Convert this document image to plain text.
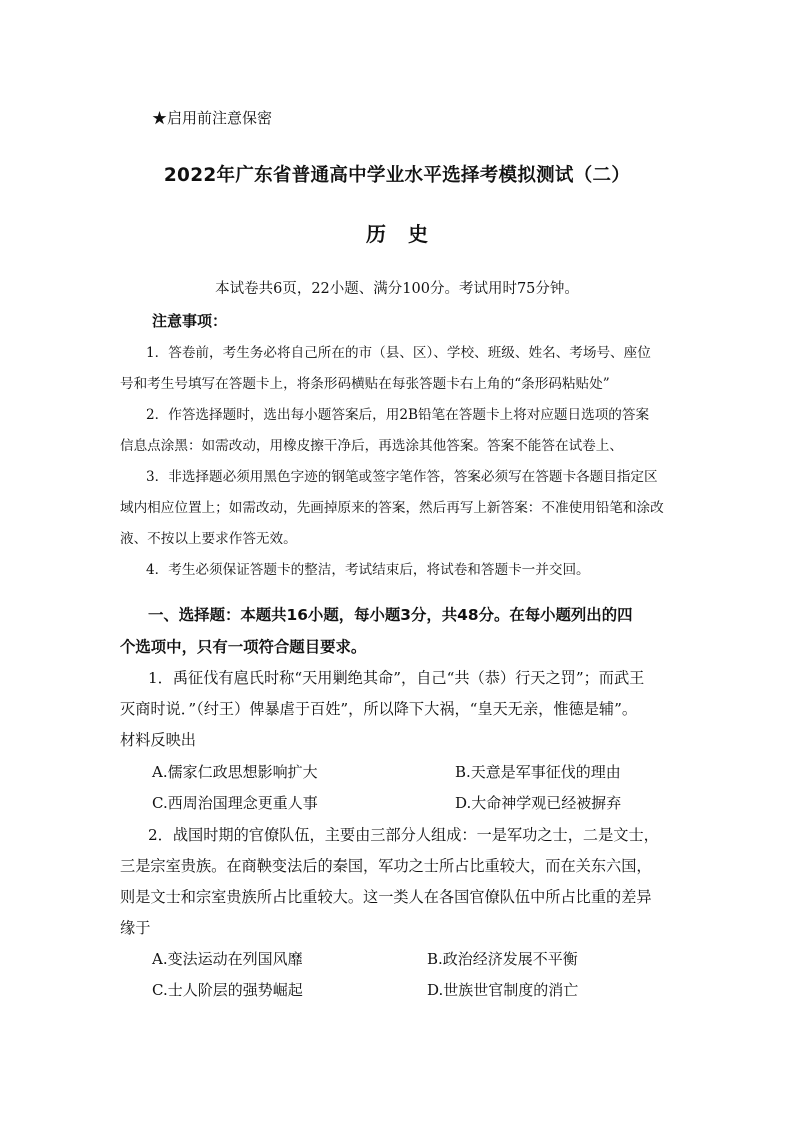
★启用前注意保密
2022年广东省普通高中学业水平选择考模拟测试（二）
历史
本试卷共6页，22小题、满分100分。考试用时75分钟。
注意事项：
1．答卷前，考生务必将自己所在的市（县、区）、学校、班级、姓名、考场号、座位
号和考生号填写在答题卡上，将条形码横贴在每张答题卡右上角的“条形码粘贴处”
2．作答选择题时，选出每小题答案后，用2B铅笔在答题卡上将对应题日选项的答案
信息点涂黑：如需改动，用橡皮擦干净后，再选涂其他答案。答案不能答在试卷上、
3．非选择题必须用黑色字迹的钢笔或签字笔作答，答案必须写在答题卡各题目指定区
域内相应位置上；如需改动，先画掉原来的答案，然后再写上新答案：不准使用铅笔和涂改
液、不按以上要求作答无效。
4．考生必须保证答题卡的整洁，考试结束后，将试卷和答题卡一并交回。
一、选择题：本题共16小题，每小题3分，共48分。在每小题列出的四
个选项中，只有一项符合题目要求。
1．禹征伐有扈氏时称“天用剿绝其命”，自己“共（恭）行天之罚”；而武王
灭商时说．”（纣王）俾暴虐于百姓”，所以降下大祸，“皇天无亲，惟德是辅”。
材料反映出
A.儒家仁政思想影响扩大	B.天意是军事征伐的理由
C.西周治国理念更重人事	D.大命神学观已经被摒弃
2．战国时期的官僚队伍，主要由三部分人组成：一是军功之士，二是文士，
三是宗室贵族。在商鞅变法后的秦国，军功之士所占比重较大，而在关东六国，
则是文士和宗室贵族所占比重较大。这一类人在各国官僚队伍中所占比重的差异
缘于
A.变法运动在列国风靡	B.政治经济发展不平衡
C.士人阶层的强势崛起	D.世族世官制度的消亡
